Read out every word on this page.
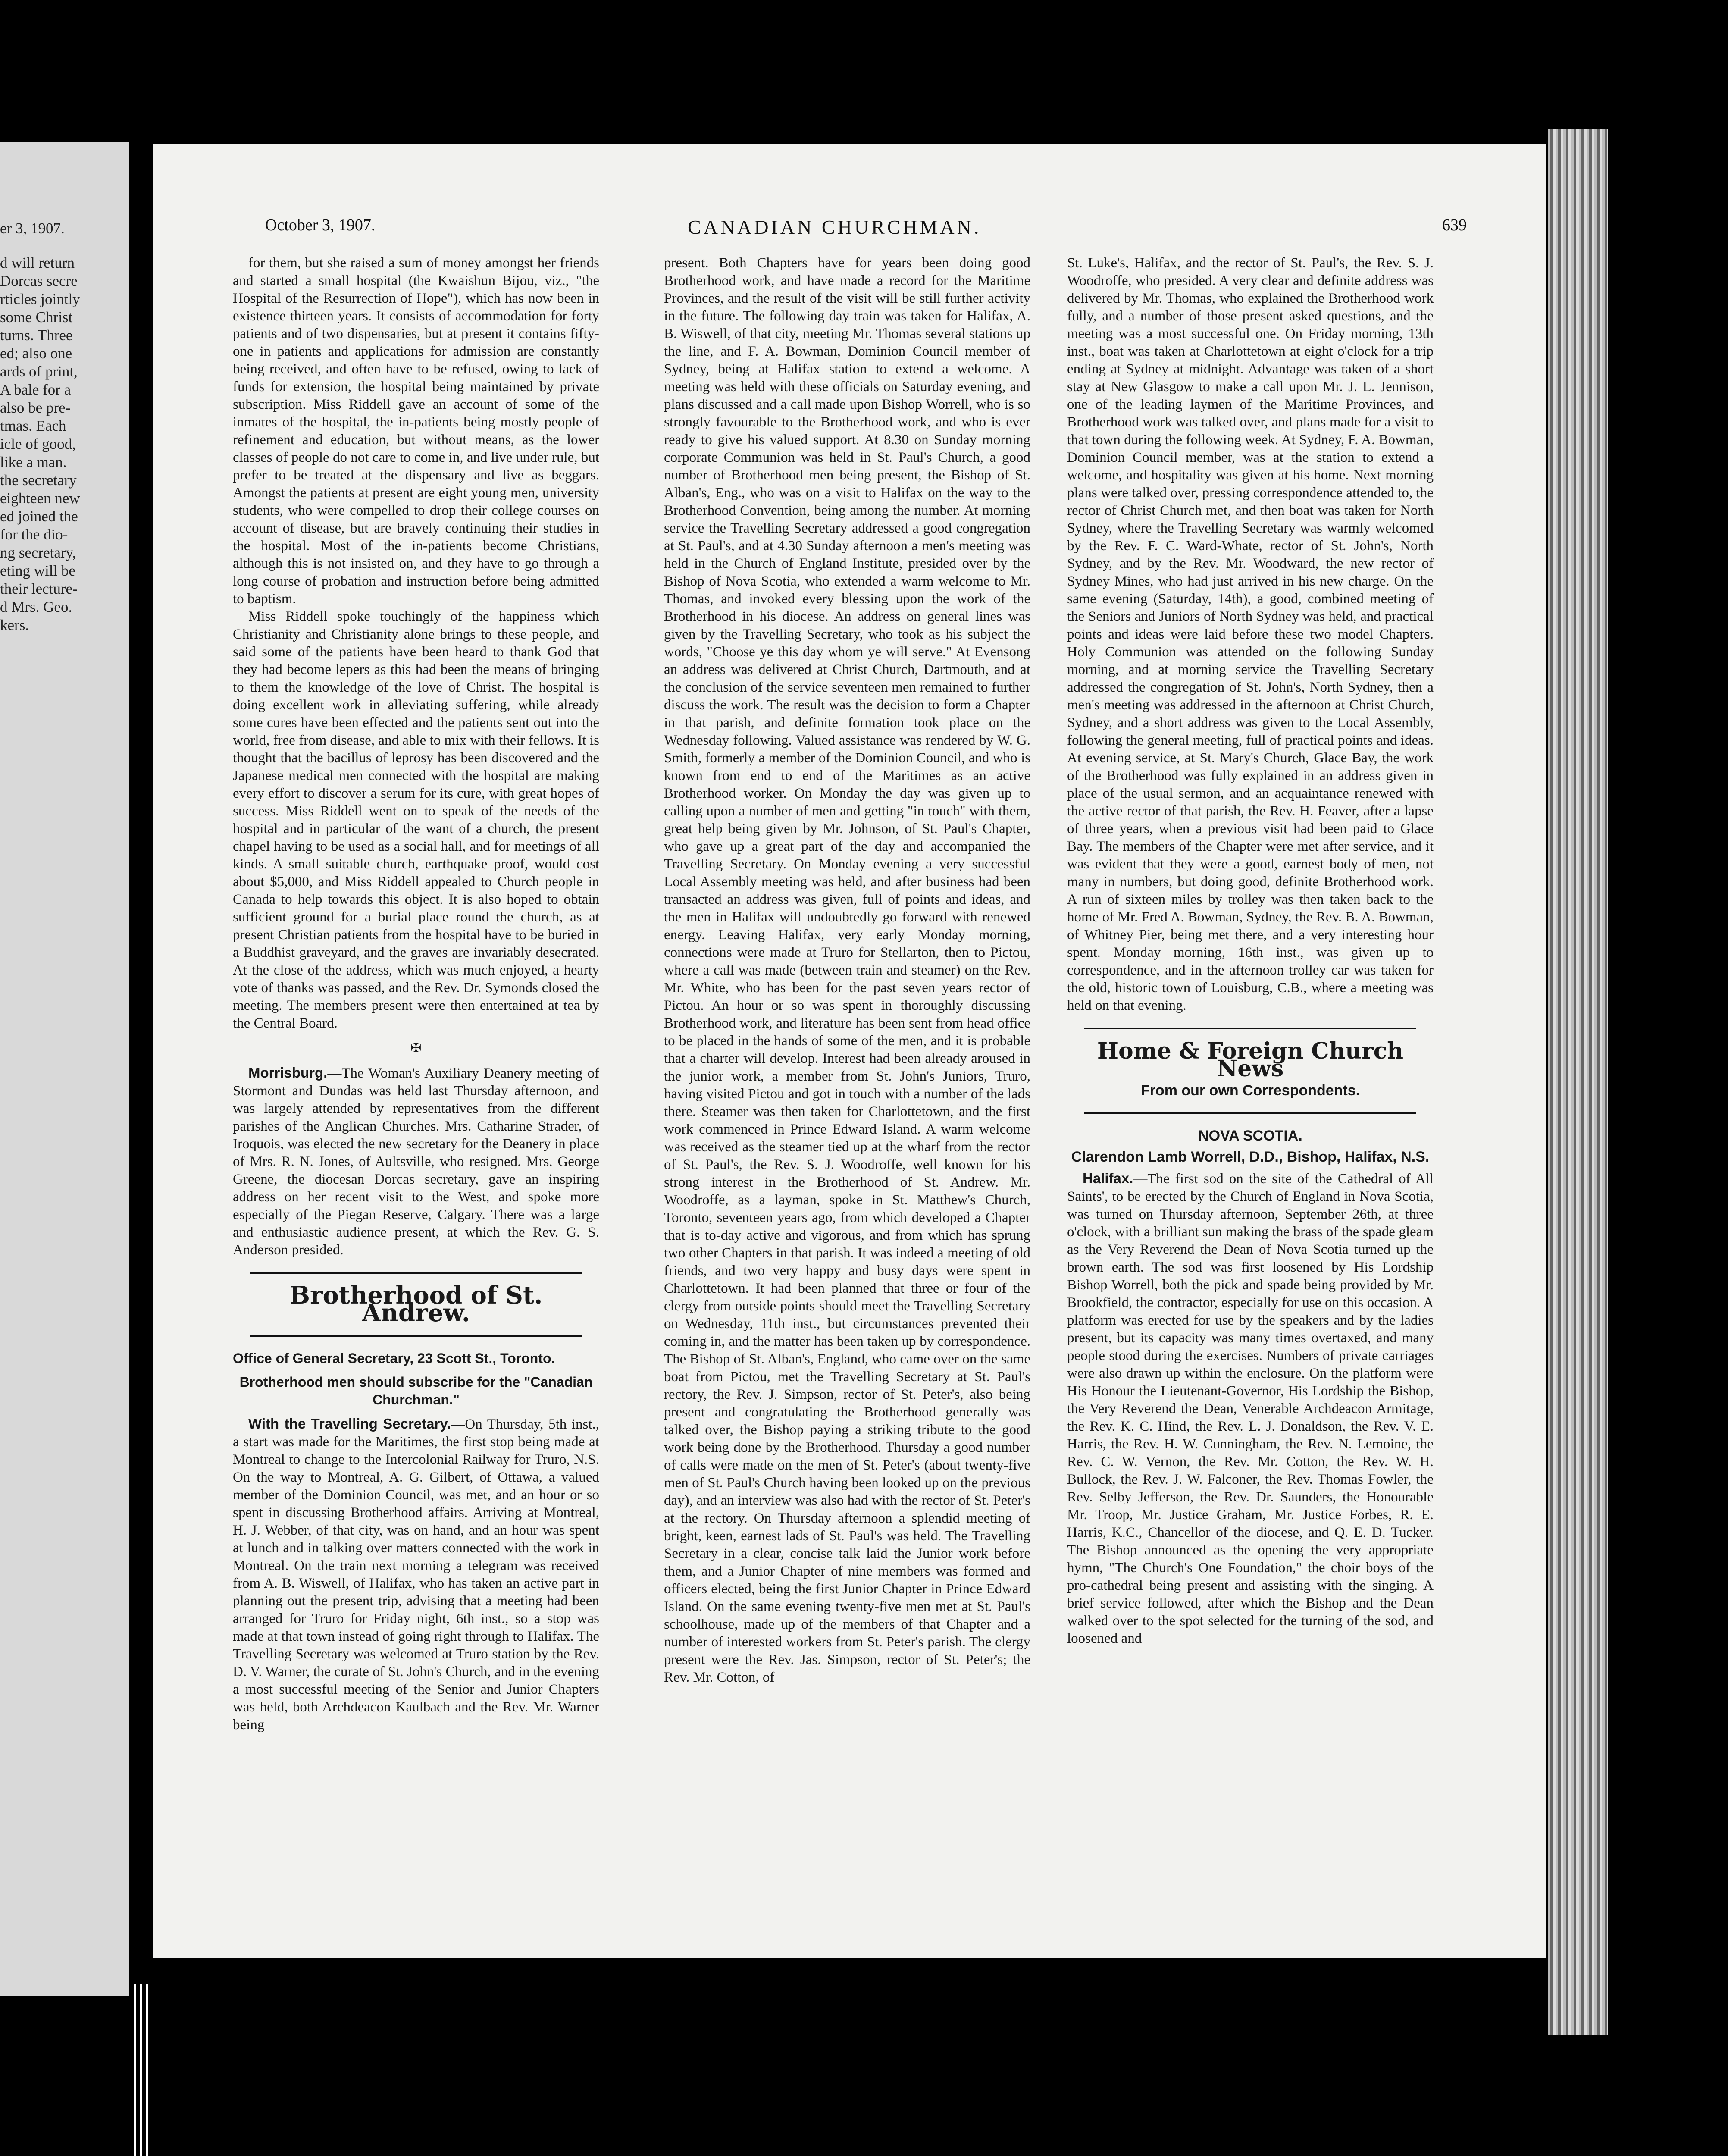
er 3, 1907.
d will return
Dorcas secre
rticles jointly
some Christ
turns. Three
ed; also one
ards of print,
A bale for a
also be pre-
tmas. Each
icle of good,
like a man.
the secretary
eighteen new
ed joined the
for the dio-
ng secretary,
eting will be
their lecture-
d Mrs. Geo.
kers.
October 3, 1907.	CANADIAN CHURCHMAN.	639

for them, but she raised a sum of money amongst her friends and started a small hospital (the Kwaishun Bijou, viz., "the Hospital of the Resurrection of Hope"), which has now been in existence thirteen years. It consists of accommodation for forty patients and of two dispensaries, but at present it contains fifty-one in patients and applications for admission are constantly being received, and often have to be refused, owing to lack of funds for extension, the hospital being maintained by private subscription. Miss Riddell gave an account of some of the inmates of the hospital, the in-patients being mostly people of refinement and education, but without means, as the lower classes of people do not care to come in, and live under rule, but prefer to be treated at the dispensary and live as beggars. Amongst the patients at present are eight young men, university students, who were compelled to drop their college courses on account of disease, but are bravely continuing their studies in the hospital. Most of the in-patients become Christians, although this is not insisted on, and they have to go through a long course of probation and instruction before being admitted to baptism.

Miss Riddell spoke touchingly of the happiness which Christianity and Christianity alone brings to these people, and said some of the patients have been heard to thank God that they had become lepers as this had been the means of bringing to them the knowledge of the love of Christ. The hospital is doing excellent work in alleviating suffering, while already some cures have been effected and the patients sent out into the world, free from disease, and able to mix with their fellows. It is thought that the bacillus of leprosy has been discovered and the Japanese medical men connected with the hospital are making every effort to discover a serum for its cure, with great hopes of success. Miss Riddell went on to speak of the needs of the hospital and in particular of the want of a church, the present chapel having to be used as a social hall, and for meetings of all kinds. A small suitable church, earthquake proof, would cost about $5,000, and Miss Riddell appealed to Church people in Canada to help towards this object. It is also hoped to obtain sufficient ground for a burial place round the church, as at present Christian patients from the hospital have to be buried in a Buddhist graveyard, and the graves are invariably desecrated. At the close of the address, which was much enjoyed, a hearty vote of thanks was passed, and the Rev. Dr. Symonds closed the meeting. The members present were then entertained at tea by the Central Board.

✠

Morrisburg.—The Woman's Auxiliary Deanery meeting of Stormont and Dundas was held last Thursday afternoon, and was largely attended by representatives from the different parishes of the Anglican Churches. Mrs. Catharine Strader, of Iroquois, was elected the new secretary for the Deanery in place of Mrs. R. N. Jones, of Aultsville, who resigned. Mrs. George Greene, the diocesan Dorcas secretary, gave an inspiring address on her recent visit to the West, and spoke more especially of the Piegan Reserve, Calgary. There was a large and enthusiastic audience present, at which the Rev. G. S. Anderson presided.

Brotherhood of St. Andrew.
Office of General Secretary, 23 Scott St., Toronto.
Brotherhood men should subscribe for the "Canadian Churchman."

With the Travelling Secretary.—On Thursday, 5th inst., a start was made for the Maritimes, the first stop being made at Montreal to change to the Intercolonial Railway for Truro, N.S. On the way to Montreal, A. G. Gilbert, of Ottawa, a valued member of the Dominion Council, was met, and an hour or so spent in discussing Brotherhood affairs. Arriving at Montreal, H. J. Webber, of that city, was on hand, and an hour was spent at lunch and in talking over matters connected with the work in Montreal. On the train next morning a telegram was received from A. B. Wiswell, of Halifax, who has taken an active part in planning out the present trip, advising that a meeting had been arranged for Truro for Friday night, 6th inst., so a stop was made at that town instead of going right through to Halifax. The Travelling Secretary was welcomed at Truro station by the Rev. D. V. Warner, the curate of St. John's Church, and in the evening a most successful meeting of the Senior and Junior Chapters was held, both Archdeacon Kaulbach and the Rev. Mr. Warner being

present. Both Chapters have for years been doing good Brotherhood work, and have made a record for the Maritime Provinces, and the result of the visit will be still further activity in the future. The following day train was taken for Halifax, A. B. Wiswell, of that city, meeting Mr. Thomas several stations up the line, and F. A. Bowman, Dominion Council member of Sydney, being at Halifax station to extend a welcome. A meeting was held with these officials on Saturday evening, and plans discussed and a call made upon Bishop Worrell, who is so strongly favourable to the Brotherhood work, and who is ever ready to give his valued support. At 8.30 on Sunday morning corporate Communion was held in St. Paul's Church, a good number of Brotherhood men being present, the Bishop of St. Alban's, Eng., who was on a visit to Halifax on the way to the Brotherhood Convention, being among the number. At morning service the Travelling Secretary addressed a good congregation at St. Paul's, and at 4.30 Sunday afternoon a men's meeting was held in the Church of England Institute, presided over by the Bishop of Nova Scotia, who extended a warm welcome to Mr. Thomas, and invoked every blessing upon the work of the Brotherhood in his diocese. An address on general lines was given by the Travelling Secretary, who took as his subject the words, "Choose ye this day whom ye will serve." At Evensong an address was delivered at Christ Church, Dartmouth, and at the conclusion of the service seventeen men remained to further discuss the work. The result was the decision to form a Chapter in that parish, and definite formation took place on the Wednesday following. Valued assistance was rendered by W. G. Smith, formerly a member of the Dominion Council, and who is known from end to end of the Maritimes as an active Brotherhood worker. On Monday the day was given up to calling upon a number of men and getting "in touch" with them, great help being given by Mr. Johnson, of St. Paul's Chapter, who gave up a great part of the day and accompanied the Travelling Secretary. On Monday evening a very successful Local Assembly meeting was held, and after business had been transacted an address was given, full of points and ideas, and the men in Halifax will undoubtedly go forward with renewed energy. Leaving Halifax, very early Monday morning, connections were made at Truro for Stellarton, then to Pictou, where a call was made (between train and steamer) on the Rev. Mr. White, who has been for the past seven years rector of Pictou. An hour or so was spent in thoroughly discussing Brotherhood work, and literature has been sent from head office to be placed in the hands of some of the men, and it is probable that a charter will develop. Interest had been already aroused in the junior work, a member from St. John's Juniors, Truro, having visited Pictou and got in touch with a number of the lads there. Steamer was then taken for Charlottetown, and the first work commenced in Prince Edward Island. A warm welcome was received as the steamer tied up at the wharf from the rector of St. Paul's, the Rev. S. J. Woodroffe, well known for his strong interest in the Brotherhood of St. Andrew. Mr. Woodroffe, as a layman, spoke in St. Matthew's Church, Toronto, seventeen years ago, from which developed a Chapter that is to-day active and vigorous, and from which has sprung two other Chapters in that parish. It was indeed a meeting of old friends, and two very happy and busy days were spent in Charlottetown. It had been planned that three or four of the clergy from outside points should meet the Travelling Secretary on Wednesday, 11th inst., but circumstances prevented their coming in, and the matter has been taken up by correspondence. The Bishop of St. Alban's, England, who came over on the same boat from Pictou, met the Travelling Secretary at St. Paul's rectory, the Rev. J. Simpson, rector of St. Peter's, also being present and congratulating the Brotherhood generally was talked over, the Bishop paying a striking tribute to the good work being done by the Brotherhood. Thursday a good number of calls were made on the men of St. Peter's (about twenty-five men of St. Paul's Church having been looked up on the previous day), and an interview was also had with the rector of St. Peter's at the rectory. On Thursday afternoon a splendid meeting of bright, keen, earnest lads of St. Paul's was held. The Travelling Secretary in a clear, concise talk laid the Junior work before them, and a Junior Chapter of nine members was formed and officers elected, being the first Junior Chapter in Prince Edward Island. On the same evening twenty-five men met at St. Paul's schoolhouse, made up of the members of that Chapter and a number of interested workers from St. Peter's parish. The clergy present were the Rev. Jas. Simpson, rector of St. Peter's; the Rev. Mr. Cotton, of

St. Luke's, Halifax, and the rector of St. Paul's, the Rev. S. J. Woodroffe, who presided. A very clear and definite address was delivered by Mr. Thomas, who explained the Brotherhood work fully, and a number of those present asked questions, and the meeting was a most successful one. On Friday morning, 13th inst., boat was taken at Charlottetown at eight o'clock for a trip ending at Sydney at midnight. Advantage was taken of a short stay at New Glasgow to make a call upon Mr. J. L. Jennison, one of the leading laymen of the Maritime Provinces, and Brotherhood work was talked over, and plans made for a visit to that town during the following week. At Sydney, F. A. Bowman, Dominion Council member, was at the station to extend a welcome, and hospitality was given at his home. Next morning plans were talked over, pressing correspondence attended to, the rector of Christ Church met, and then boat was taken for North Sydney, where the Travelling Secretary was warmly welcomed by the Rev. F. C. Ward-Whate, rector of St. John's, North Sydney, and by the Rev. Mr. Woodward, the new rector of Sydney Mines, who had just arrived in his new charge. On the same evening (Saturday, 14th), a good, combined meeting of the Seniors and Juniors of North Sydney was held, and practical points and ideas were laid before these two model Chapters. Holy Communion was attended on the following Sunday morning, and at morning service the Travelling Secretary addressed the congregation of St. John's, North Sydney, then a men's meeting was addressed in the afternoon at Christ Church, Sydney, and a short address was given to the Local Assembly, following the general meeting, full of practical points and ideas. At evening service, at St. Mary's Church, Glace Bay, the work of the Brotherhood was fully explained in an address given in place of the usual sermon, and an acquaintance renewed with the active rector of that parish, the Rev. H. Feaver, after a lapse of three years, when a previous visit had been paid to Glace Bay. The members of the Chapter were met after service, and it was evident that they were a good, earnest body of men, not many in numbers, but doing good, definite Brotherhood work. A run of sixteen miles by trolley was then taken back to the home of Mr. Fred A. Bowman, Sydney, the Rev. B. A. Bowman, of Whitney Pier, being met there, and a very interesting hour spent. Monday morning, 16th inst., was given up to correspondence, and in the afternoon trolley car was taken for the old, historic town of Louisburg, C.B., where a meeting was held on that evening.

Home & Foreign Church News
From our own Correspondents.
NOVA SCOTIA.
Clarendon Lamb Worrell, D.D., Bishop, Halifax, N.S.

Halifax.—The first sod on the site of the Cathedral of All Saints', to be erected by the Church of England in Nova Scotia, was turned on Thursday afternoon, September 26th, at three o'clock, with a brilliant sun making the brass of the spade gleam as the Very Reverend the Dean of Nova Scotia turned up the brown earth. The sod was first loosened by His Lordship Bishop Worrell, both the pick and spade being provided by Mr. Brookfield, the contractor, especially for use on this occasion. A platform was erected for use by the speakers and by the ladies present, but its capacity was many times overtaxed, and many people stood during the exercises. Numbers of private carriages were also drawn up within the enclosure. On the platform were His Honour the Lieutenant-Governor, His Lordship the Bishop, the Very Reverend the Dean, Venerable Archdeacon Armitage, the Rev. K. C. Hind, the Rev. L. J. Donaldson, the Rev. V. E. Harris, the Rev. H. W. Cunningham, the Rev. N. Lemoine, the Rev. C. W. Vernon, the Rev. Mr. Cotton, the Rev. W. H. Bullock, the Rev. J. W. Falconer, the Rev. Thomas Fowler, the Rev. Selby Jefferson, the Rev. Dr. Saunders, the Honourable Mr. Troop, Mr. Justice Graham, Mr. Justice Forbes, R. E. Harris, K.C., Chancellor of the diocese, and Q. E. D. Tucker. The Bishop announced as the opening the very appropriate hymn, "The Church's One Foundation," the choir boys of the pro-cathedral being present and assisting with the singing. A brief service followed, after which the Bishop and the Dean walked over to the spot selected for the turning of the sod, and loosened and
